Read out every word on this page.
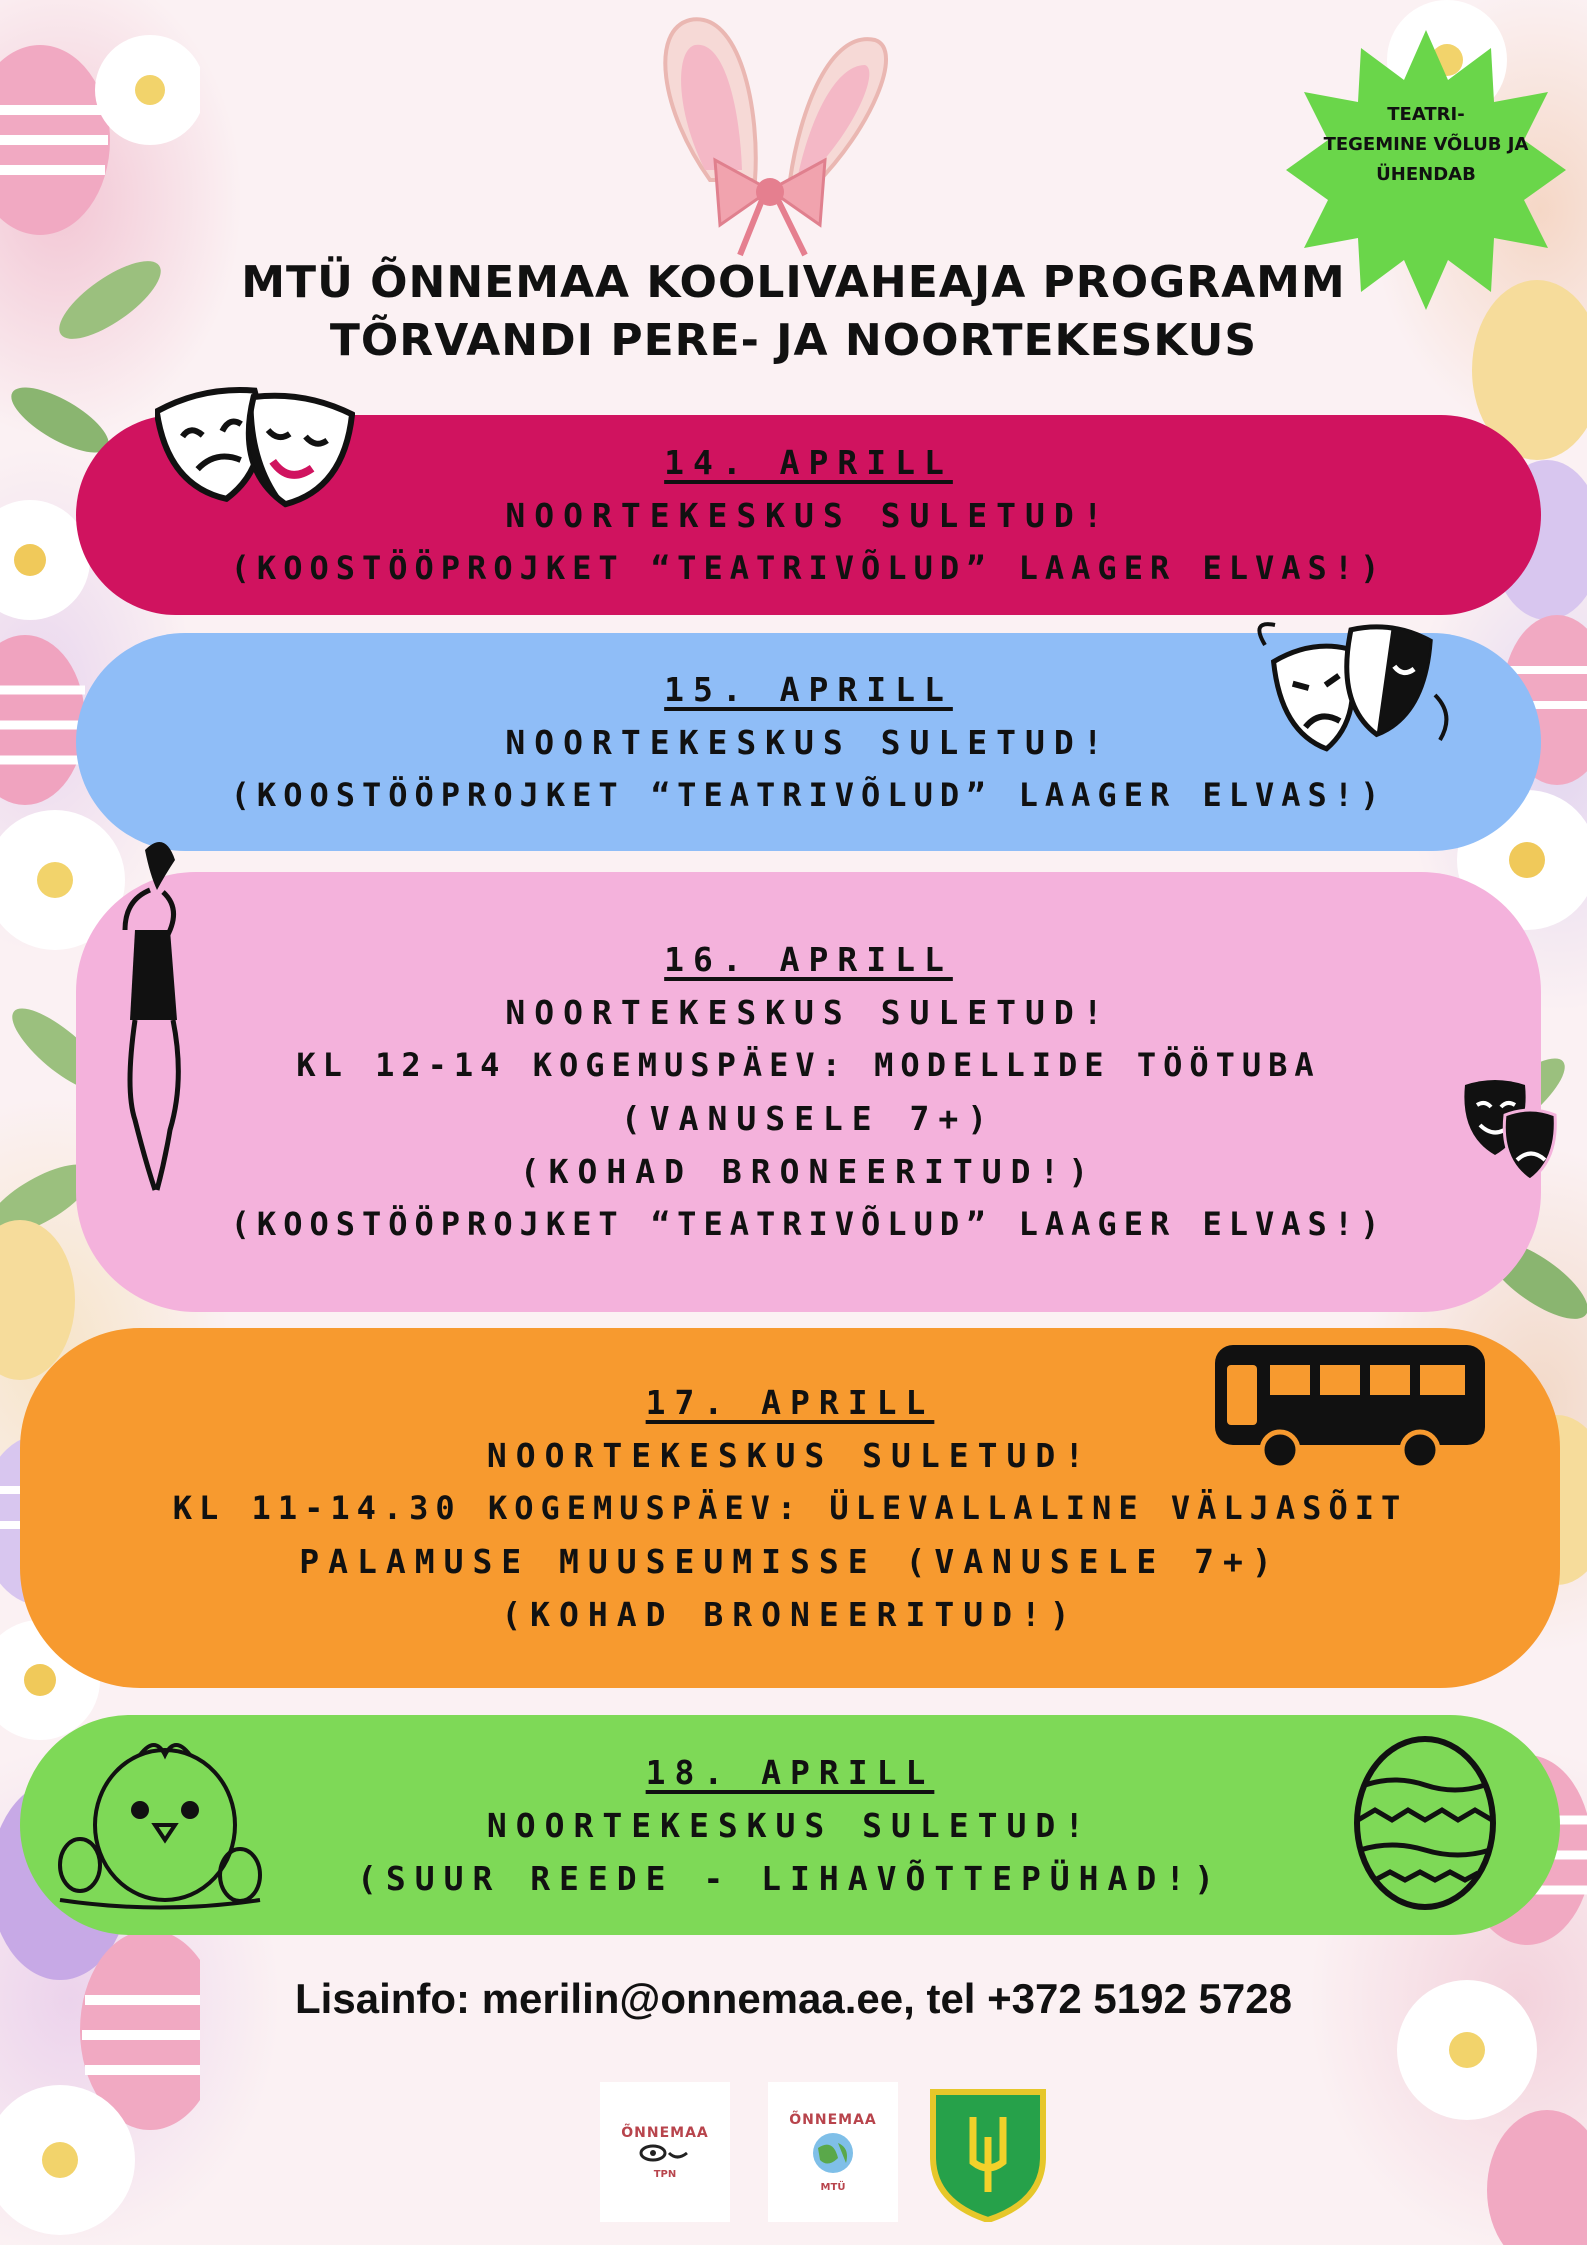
TEATRI-
TEGEMINE VÕLUB JA
ÜHENDAB
MTÜ ÕNNEMAA KOOLIVAHEAJA PROGRAMM
TÕRVANDI PERE- JA NOORTEKESKUS
14. APRILL
NOORTEKESKUS SULETUD!
(KOOSTÖÖPROJKET “TEATRIVÕLUD” LAAGER ELVAS!)
15. APRILL
NOORTEKESKUS SULETUD!
(KOOSTÖÖPROJKET “TEATRIVÕLUD” LAAGER ELVAS!)
16. APRILL
NOORTEKESKUS SULETUD!
KL 12-14 KOGEMUSPÄEV: MODELLIDE TÖÖTUBA
(VANUSELE 7+)
(KOHAD BRONEERITUD!)
(KOOSTÖÖPROJKET “TEATRIVÕLUD” LAAGER ELVAS!)
17. APRILL
NOORTEKESKUS SULETUD!
KL 11-14.30 KOGEMUSPÄEV: ÜLEVALLALINE VÄLJASÕIT
PALAMUSE MUUSEUMISSE (VANUSELE 7+)
(KOHAD BRONEERITUD!)
18. APRILL
NOORTEKESKUS SULETUD!
(SUUR REEDE - LIHAVÕTTEPÜHAD!)
Lisainfo: merilin@onnemaa.ee, tel +372 5192 5728
ÕNNEMAA
TPN
ÕNNEMAA
MTÜ
